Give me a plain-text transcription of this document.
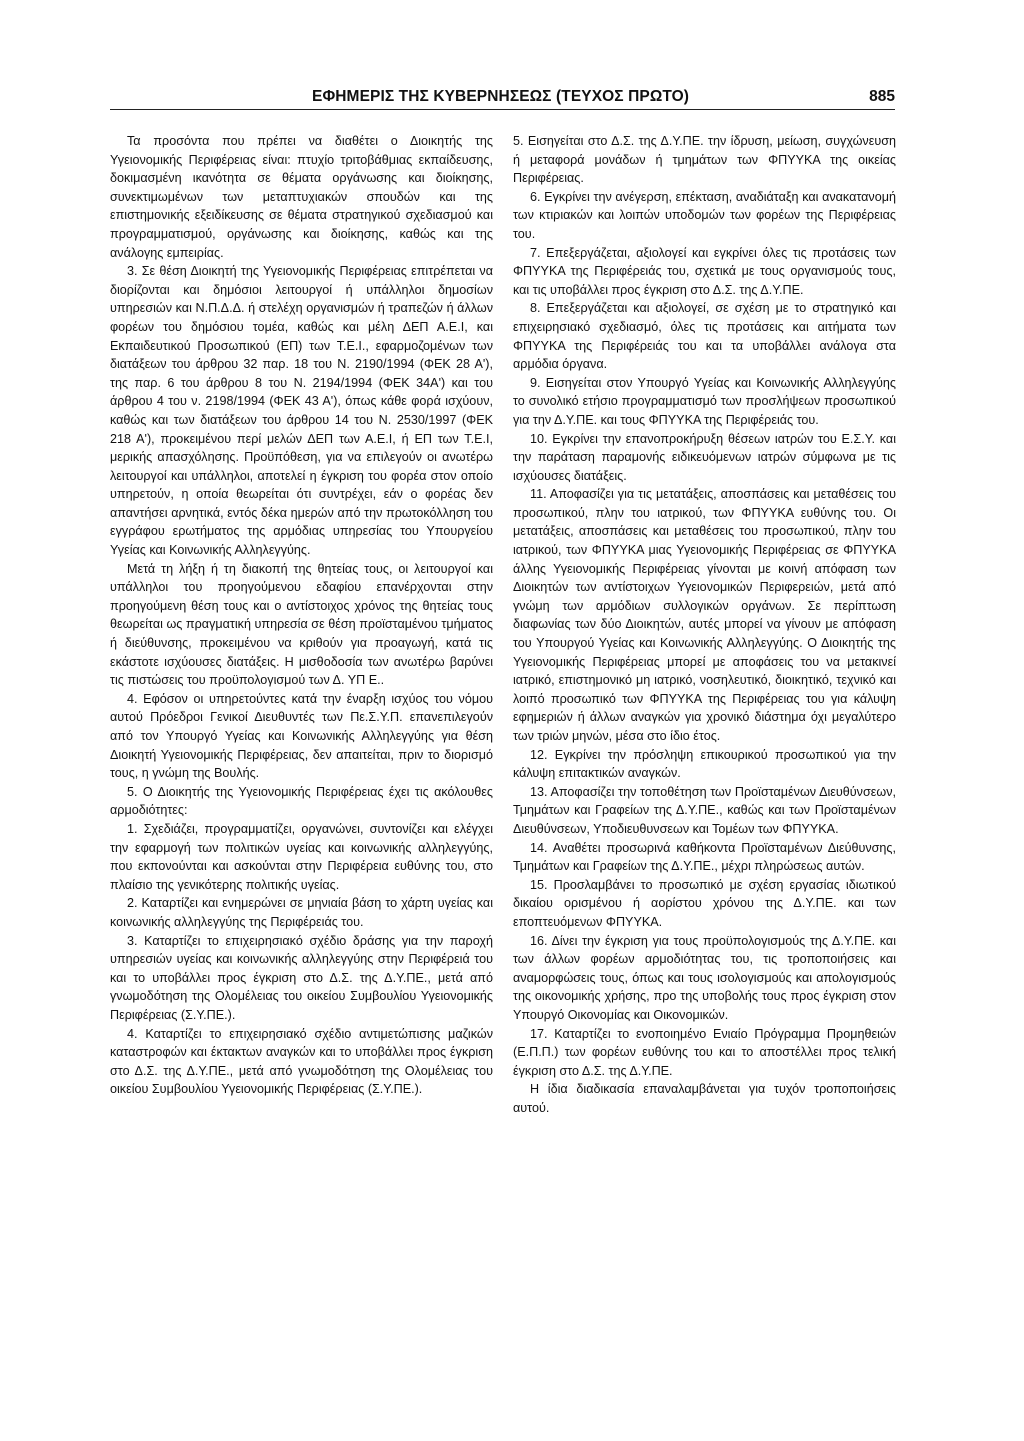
ΕΦΗΜΕΡΙΣ ΤΗΣ ΚΥΒΕΡΝΗΣΕΩΣ (ΤΕΥΧΟΣ ΠΡΩΤΟ)	885

Τα προσόντα που πρέπει να διαθέτει ο Διοικητής της Υγειονομικής Περιφέρειας είναι: πτυχίο τριτοβάθμιας εκπαίδευσης, δοκιμασμένη ικανότητα σε θέματα οργάνωσης και διοίκησης, συνεκτιμωμένων των μεταπτυχιακών σπουδών και της επιστημονικής εξειδίκευσης σε θέματα στρατηγικού σχεδιασμού και προγραμματισμού, οργάνωσης και διοίκησης, καθώς και της ανάλογης εμπειρίας.

3. Σε θέση Διοικητή της Υγειονομικής Περιφέρειας επιτρέπεται να διορίζονται και δημόσιοι λειτουργοί ή υπάλληλοι δημοσίων υπηρεσιών και Ν.Π.Δ.Δ. ή στελέχη οργανισμών ή τραπεζών ή άλλων φορέων του δημόσιου τομέα, καθώς και μέλη ΔΕΠ Α.Ε.Ι, και Εκπαιδευτικού Προσωπικού (ΕΠ) των Τ.Ε.Ι., εφαρμοζομένων των διατάξεων του άρθρου 32 παρ. 18 του Ν. 2190/1994 (ΦΕΚ 28 Α'), της παρ. 6 του άρθρου 8 του Ν. 2194/1994 (ΦΕΚ 34Α') και του άρθρου 4 του ν. 2198/1994 (ΦΕΚ 43 Α'), όπως κάθε φορά ισχύουν, καθώς και των διατάξεων του άρθρου 14 του Ν. 2530/1997 (ΦΕΚ 218 Α'), προκειμένου περί μελών ΔΕΠ των Α.Ε.Ι, ή ΕΠ των Τ.Ε.Ι, μερικής απασχόλησης. Προϋπόθεση, για να επιλεγούν οι ανωτέρω λειτουργοί και υπάλληλοι, αποτελεί η έγκριση του φορέα στον οποίο υπηρετούν, η οποία θεωρείται ότι συντρέχει, εάν ο φορέας δεν απαντήσει αρνητικά, εντός δέκα ημερών από την πρωτοκόλληση του εγγράφου ερωτήματος της αρμόδιας υπηρεσίας του Υπουργείου Υγείας και Κοινωνικής Αλληλεγγύης.

Μετά τη λήξη ή τη διακοπή της θητείας τους, οι λειτουργοί και υπάλληλοι του προηγούμενου εδαφίου επανέρχονται στην προηγούμενη θέση τους και ο αντίστοιχος χρόνος της θητείας τους θεωρείται ως πραγματική υπηρεσία σε θέση προϊσταμένου τμήματος ή διεύθυνσης, προκειμένου να κριθούν για προαγωγή, κατά τις εκάστοτε ισχύουσες διατάξεις. Η μισθοδοσία των ανωτέρω βαρύνει τις πιστώσεις του προϋπολογισμού των Δ. ΥΠ Ε..

4. Εφόσον οι υπηρετούντες κατά την έναρξη ισχύος του νόμου αυτού Πρόεδροι Γενικοί Διευθυντές των Πε.Σ.Υ.Π. επανεπιλεγούν από τον Υπουργό Υγείας και Κοινωνικής Αλληλεγγύης για θέση Διοικητή Υγειονομικής Περιφέρειας, δεν απαιτείται, πριν το διορισμό τους, η γνώμη της Βουλής.

5. Ο Διοικητής της Υγειονομικής Περιφέρειας έχει τις ακόλουθες αρμοδιότητες:

1. Σχεδιάζει, προγραμματίζει, οργανώνει, συντονίζει και ελέγχει την εφαρμογή των πολιτικών υγείας και κοινωνικής αλληλεγγύης, που εκπονούνται και ασκούνται στην Περιφέρεια ευθύνης του, στο πλαίσιο της γενικότερης πολιτικής υγείας.

2. Καταρτίζει και ενημερώνει σε μηνιαία βάση το χάρτη υγείας και κοινωνικής αλληλεγγύης της Περιφέρειάς του.

3. Καταρτίζει το επιχειρησιακό σχέδιο δράσης για την παροχή υπηρεσιών υγείας και κοινωνικής αλληλεγγύης στην Περιφέρειά του και το υποβάλλει προς έγκριση στο Δ.Σ. της Δ.Υ.ΠΕ., μετά από γνωμοδότηση της Ολομέλειας του οικείου Συμβουλίου Υγειονομικής Περιφέρειας (Σ.Υ.ΠΕ.).

4. Καταρτίζει το επιχειρησιακό σχέδιο αντιμετώπισης μαζικών καταστροφών και έκτακτων αναγκών και το υποβάλλει προς έγκριση στο Δ.Σ. της Δ.Υ.ΠΕ., μετά από γνωμοδότηση της Ολομέλειας του οικείου Συμβουλίου Υγειονομικής Περιφέρειας (Σ.Υ.ΠΕ.).

5. Εισηγείται στο Δ.Σ. της Δ.Υ.ΠΕ. την ίδρυση, μείωση, συγχώνευση ή μεταφορά μονάδων ή τμημάτων των ΦΠΥΥΚΑ της οικείας Περιφέρειας.

6. Εγκρίνει την ανέγερση, επέκταση, αναδιάταξη και ανακατανομή των κτιριακών και λοιπών υποδομών των φορέων της Περιφέρειας του.

7. Επεξεργάζεται, αξιολογεί και εγκρίνει όλες τις προτάσεις των ΦΠΥΥΚΑ της Περιφέρειάς του, σχετικά με τους οργανισμούς τους, και τις υποβάλλει προς έγκριση στο Δ.Σ. της Δ.Υ.ΠΕ.

8. Επεξεργάζεται και αξιολογεί, σε σχέση με το στρατηγικό και επιχειρησιακό σχεδιασμό, όλες τις προτάσεις και αιτήματα των ΦΠΥΥΚΑ της Περιφέρειάς του και τα υποβάλλει ανάλογα στα αρμόδια όργανα.

9. Εισηγείται στον Υπουργό Υγείας και Κοινωνικής Αλληλεγγύης το συνολικό ετήσιο προγραμματισμό των προσλήψεων προσωπικού για την Δ.Υ.ΠΕ. και τους ΦΠΥΥΚΑ της Περιφέρειάς του.

10. Εγκρίνει την επανοπροκήρυξη θέσεων ιατρών του Ε.Σ.Υ. και την παράταση παραμονής ειδικευόμενων ιατρών σύμφωνα με τις ισχύουσες διατάξεις.

11. Αποφασίζει για τις μετατάξεις, αποσπάσεις και μεταθέσεις του προσωπικού, πλην του ιατρικού, των ΦΠΥΥΚΑ ευθύνης του. Οι μετατάξεις, αποσπάσεις και μεταθέσεις του προσωπικού, πλην του ιατρικού, των ΦΠΥΥΚΑ μιας Υγειονομικής Περιφέρειας σε ΦΠΥΥΚΑ άλλης Υγειονομικής Περιφέρειας γίνονται με κοινή απόφαση των Διοικητών των αντίστοιχων Υγειονομικών Περιφερειών, μετά από γνώμη των αρμόδιων συλλογικών οργάνων. Σε περίπτωση διαφωνίας των δύο Διοικητών, αυτές μπορεί να γίνουν με απόφαση του Υπουργού Υγείας και Κοινωνικής Αλληλεγγύης. Ο Διοικητής της Υγειονομικής Περιφέρειας μπορεί με αποφάσεις του να μετακινεί ιατρικό, επιστημονικό μη ιατρικό, νοσηλευτικό, διοικητικό, τεχνικό και λοιπό προσωπικό των ΦΠΥΥΚΑ της Περιφέρειας του για κάλυψη εφημεριών ή άλλων αναγκών για χρονικό διάστημα όχι μεγαλύτερο των τριών μηνών, μέσα στο ίδιο έτος.

12. Εγκρίνει την πρόσληψη επικουρικού προσωπικού για την κάλυψη επιτακτικών αναγκών.

13. Αποφασίζει την τοποθέτηση των Προϊσταμένων Διευθύνσεων, Τμημάτων και Γραφείων της Δ.Υ.ΠΕ., καθώς και των Προϊσταμένων Διευθύνσεων, Υποδιευθυνσεων και Τομέων των ΦΠΥΥΚΑ.

14. Αναθέτει προσωρινά καθήκοντα Προϊσταμένων Διεύθυνσης, Τμημάτων και Γραφείων της Δ.Υ.ΠΕ., μέχρι πληρώσεως αυτών.

15. Προσλαμβάνει το προσωπικό με σχέση εργασίας ιδιωτικού δικαίου ορισμένου ή αορίστου χρόνου της Δ.Υ.ΠΕ. και των εποπτευόμενων ΦΠΥΥΚΑ.

16. Δίνει την έγκριση για τους προϋπολογισμούς της Δ.Υ.ΠΕ. και των άλλων φορέων αρμοδιότητας του, τις τροποποιήσεις και αναμορφώσεις τους, όπως και τους ισολογισμούς και απολογισμούς της οικονομικής χρήσης, προ της υποβολής τους προς έγκριση στον Υπουργό Οικονομίας και Οικονομικών.

17. Καταρτίζει το ενοποιημένο Ενιαίο Πρόγραμμα Προμηθειών (Ε.Π.Π.) των φορέων ευθύνης του και το αποστέλλει προς τελική έγκριση στο Δ.Σ. της Δ.Υ.ΠΕ.

Η ίδια διαδικασία επαναλαμβάνεται για τυχόν τροποποιήσεις αυτού.
